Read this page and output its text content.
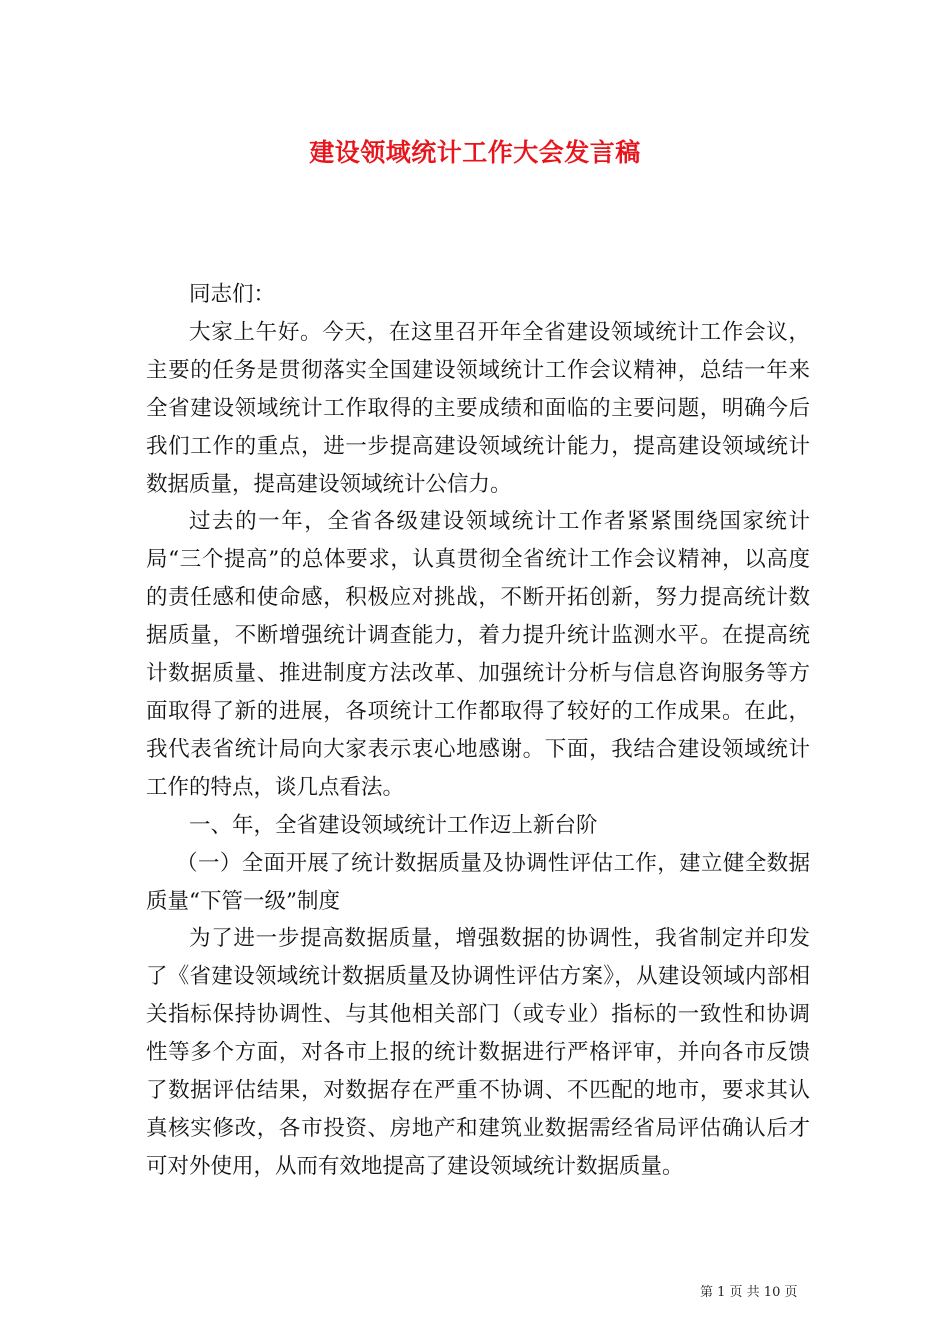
建设领域统计工作大会发言稿

同志们：

大家上午好。今天，在这里召开年全省建设领域统计工作会议，主要的任务是贯彻落实全国建设领域统计工作会议精神，总结一年来全省建设领域统计工作取得的主要成绩和面临的主要问题，明确今后我们工作的重点，进一步提高建设领域统计能力，提高建设领域统计数据质量，提高建设领域统计公信力。

过去的一年，全省各级建设领域统计工作者紧紧围绕国家统计局“三个提高”的总体要求，认真贯彻全省统计工作会议精神，以高度的责任感和使命感，积极应对挑战，不断开拓创新，努力提高统计数据质量，不断增强统计调查能力，着力提升统计监测水平。在提高统计数据质量、推进制度方法改革、加强统计分析与信息咨询服务等方面取得了新的进展，各项统计工作都取得了较好的工作成果。在此，我代表省统计局向大家表示衷心地感谢。下面，我结合建设领域统计工作的特点，谈几点看法。

一、年，全省建设领域统计工作迈上新台阶

（一）全面开展了统计数据质量及协调性评估工作，建立健全数据质量“下管一级”制度

为了进一步提高数据质量，增强数据的协调性，我省制定并印发了《省建设领域统计数据质量及协调性评估方案》，从建设领域内部相关指标保持协调性、与其他相关部门（或专业）指标的一致性和协调性等多个方面，对各市上报的统计数据进行严格评审，并向各市反馈了数据评估结果，对数据存在严重不协调、不匹配的地市，要求其认真核实修改，各市投资、房地产和建筑业数据需经省局评估确认后才可对外使用，从而有效地提高了建设领域统计数据质量。

第 1 页 共 10 页
